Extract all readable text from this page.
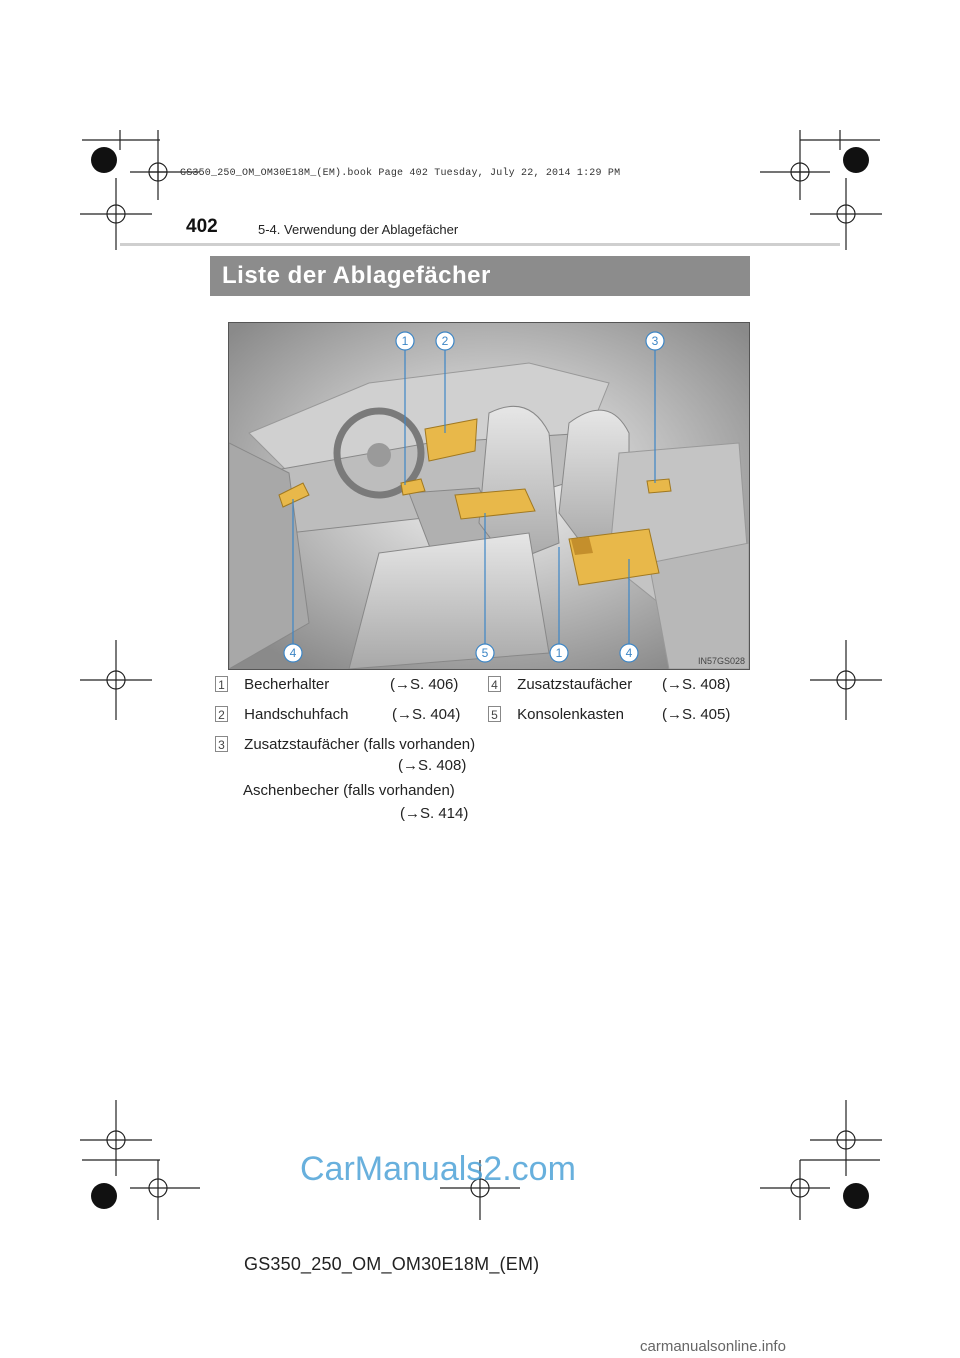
GS350_250_OM_OM30E18M_(EM).book Page 402 Tuesday, July 22, 2014 1:29 PM
402	5-4. Verwendung der Ablagefächer
Liste der Ablagefächer
1	2	3
4	5	1	4
IN57GS028
1 Becherhalter	(→S. 406)
2 Handschuhfach	(→S. 404)
3 Zusatzstaufächer (falls vorhanden)
(→S. 408)
Aschenbecher (falls vorhanden)
(→S. 414)
4 Zusatzstaufächer (→S. 408)
5 Konsolenkasten	(→S. 405)
CarManuals2.com
GS350_250_OM_OM30E18M_(EM)
carmanualsonline.info
